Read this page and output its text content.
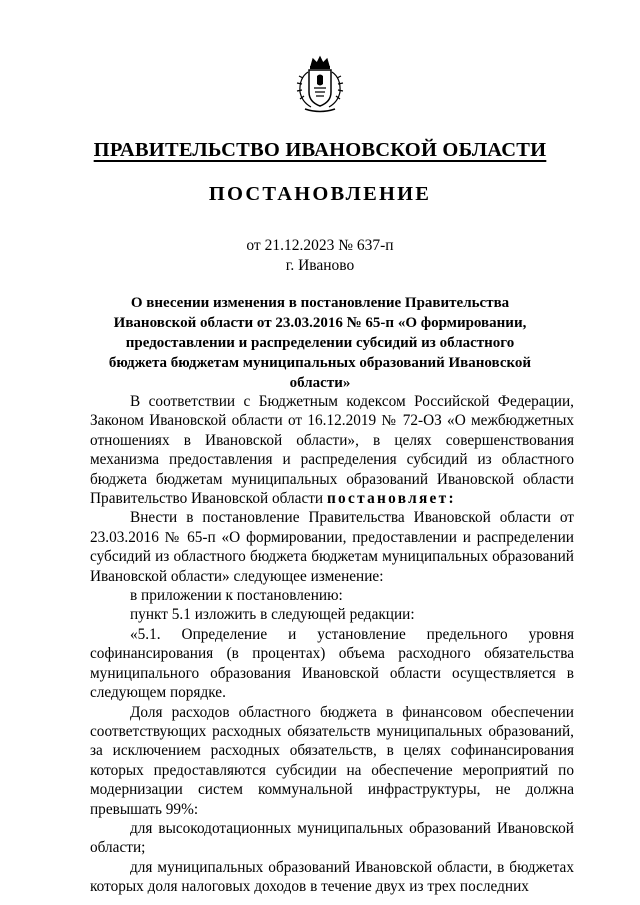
ПРАВИТЕЛЬСТВО ИВАНОВСКОЙ ОБЛАСТИ
ПОСТАНОВЛЕНИЕ
от 21.12.2023 № 637-п
г. Иваново
О внесении изменения в постановление Правительства Ивановской области от 23.03.2016 № 65-п «О формировании, предоставлении и распределении субсидий из областного бюджета бюджетам муниципальных образований Ивановской области»

В соответствии с Бюджетным кодексом Российской Федерации, Законом Ивановской области от 16.12.2019 № 72-ОЗ «О межбюджетных отношениях в Ивановской области», в целях совершенствования механизма предоставления и распределения субсидий из областного бюджета бюджетам муниципальных образований Ивановской области Правительство Ивановской области постановляет:

Внести в постановление Правительства Ивановской области от 23.03.2016 № 65-п «О формировании, предоставлении и распределении субсидий из областного бюджета бюджетам муниципальных образований Ивановской области» следующее изменение:

в приложении к постановлению:

пункт 5.1 изложить в следующей редакции:

«5.1. Определение и установление предельного уровня софинансирования (в процентах) объема расходного обязательства муниципального образования Ивановской области осуществляется в следующем порядке.

Доля расходов областного бюджета в финансовом обеспечении соответствующих расходных обязательств муниципальных образований, за исключением расходных обязательств, в целях софинансирования которых предоставляются субсидии на обеспечение мероприятий по модернизации систем коммунальной инфраструктуры, не должна превышать 99%:

для высокодотационных муниципальных образований Ивановской области;

для муниципальных образований Ивановской области, в бюджетах которых доля налоговых доходов в течение двух из трех последних
